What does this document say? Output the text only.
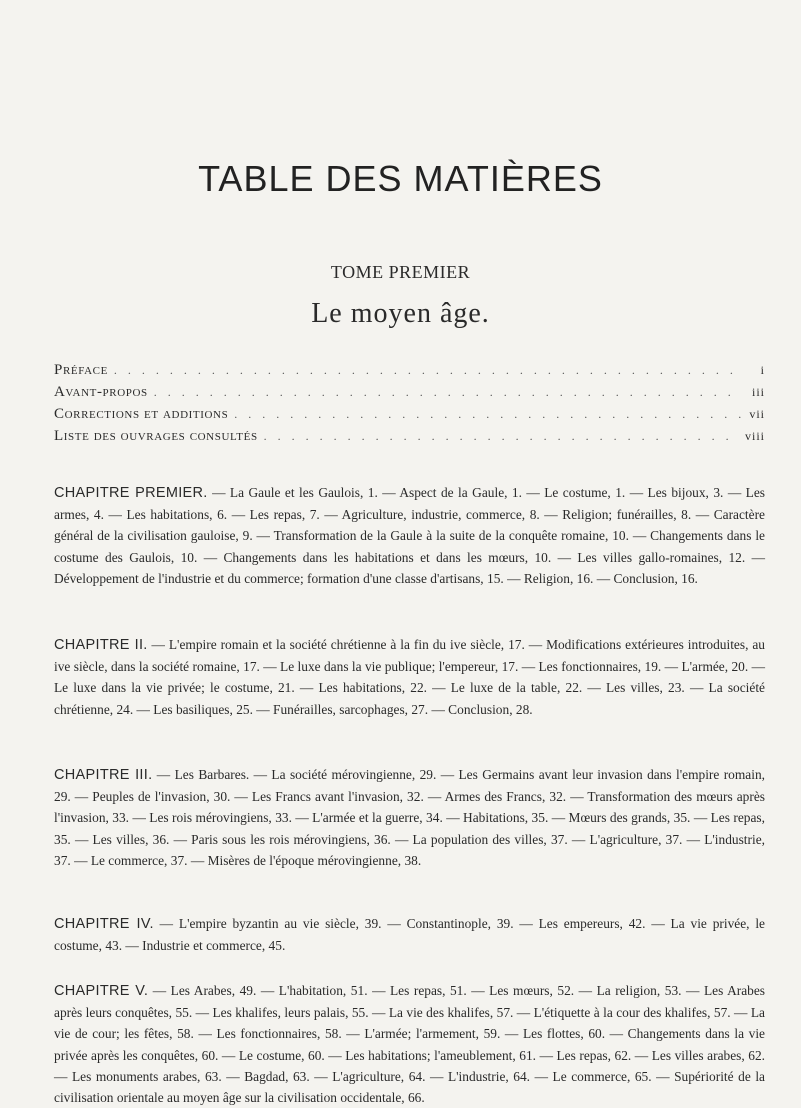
TABLE DES MATIÈRES
TOME PREMIER
Le moyen âge.
Préface . . .	i
Avant-propos . . .	iii
Corrections et additions . . .	vii
Liste des ouvrages consultés . . .	viii
CHAPITRE PREMIER. — La Gaule et les Gaulois, 1. — Aspect de la Gaule, 1. — Le costume, 1. — Les bijoux, 3. — Les armes, 4. — Les habitations, 6. — Les repas, 7. — Agriculture, industrie, commerce, 8. — Religion; funérailles, 8. — Caractère général de la civilisation gauloise, 9. — Transformation de la Gaule à la suite de la conquête romaine, 10. — Changements dans le costume des Gaulois, 10. — Changements dans les habitations et dans les mœurs, 10. — Les villes gallo-romaines, 12. — Développement de l'industrie et du commerce; formation d'une classe d'artisans, 15. — Religion, 16. — Conclusion, 16.
CHAPITRE II. — L'empire romain et la société chrétienne à la fin du ive siècle, 17. — Modifications extérieures introduites, au ive siècle, dans la société romaine, 17. — Le luxe dans la vie publique; l'empereur, 17. — Les fonctionnaires, 19. — L'armée, 20. — Le luxe dans la vie privée; le costume, 21. — Les habitations, 22. — Le luxe de la table, 22. — Les villes, 23. — La société chrétienne, 24. — Les basiliques, 25. — Funérailles, sarcophages, 27. — Conclusion, 28.
CHAPITRE III. — Les Barbares. — La société mérovingienne, 29. — Les Germains avant leur invasion dans l'empire romain, 29. — Peuples de l'invasion, 30. — Les Francs avant l'invasion, 32. — Armes des Francs, 32. — Transformation des mœurs après l'invasion, 33. — Les rois mérovingiens, 33. — L'armée et la guerre, 34. — Habitations, 35. — Mœurs des grands, 35. — Les repas, 35. — Les villes, 36. — Paris sous les rois mérovingiens, 36. — La population des villes, 37. — L'agriculture, 37. — L'industrie, 37. — Le commerce, 37. — Misères de l'époque mérovingienne, 38.
CHAPITRE IV. — L'empire byzantin au vie siècle, 39. — Constantinople, 39. — Les empereurs, 42. — La vie privée, le costume, 43. — Industrie et commerce, 45.
CHAPITRE V. — Les Arabes, 49. — L'habitation, 51. — Les repas, 51. — Les mœurs, 52. — La religion, 53. — Les Arabes après leurs conquêtes, 55. — Les khalifes, leurs palais, 55. — La vie des khalifes, 57. — L'étiquette à la cour des khalifes, 57. — La vie de cour; les fêtes, 58. — Les fonctionnaires, 58. — L'armée; l'armement, 59. — Les flottes, 60. — Changements dans la vie privée après les conquêtes, 60. — Le costume, 60. — Les habitations; l'ameublement, 61. — Les repas, 62. — Les villes arabes, 62. — Les monuments arabes, 63. — Bagdad, 63. — L'agriculture, 64. — L'industrie, 64. — Le commerce, 65. — Supériorité de la civilisation orientale au moyen âge sur la civilisation occidentale, 66.
